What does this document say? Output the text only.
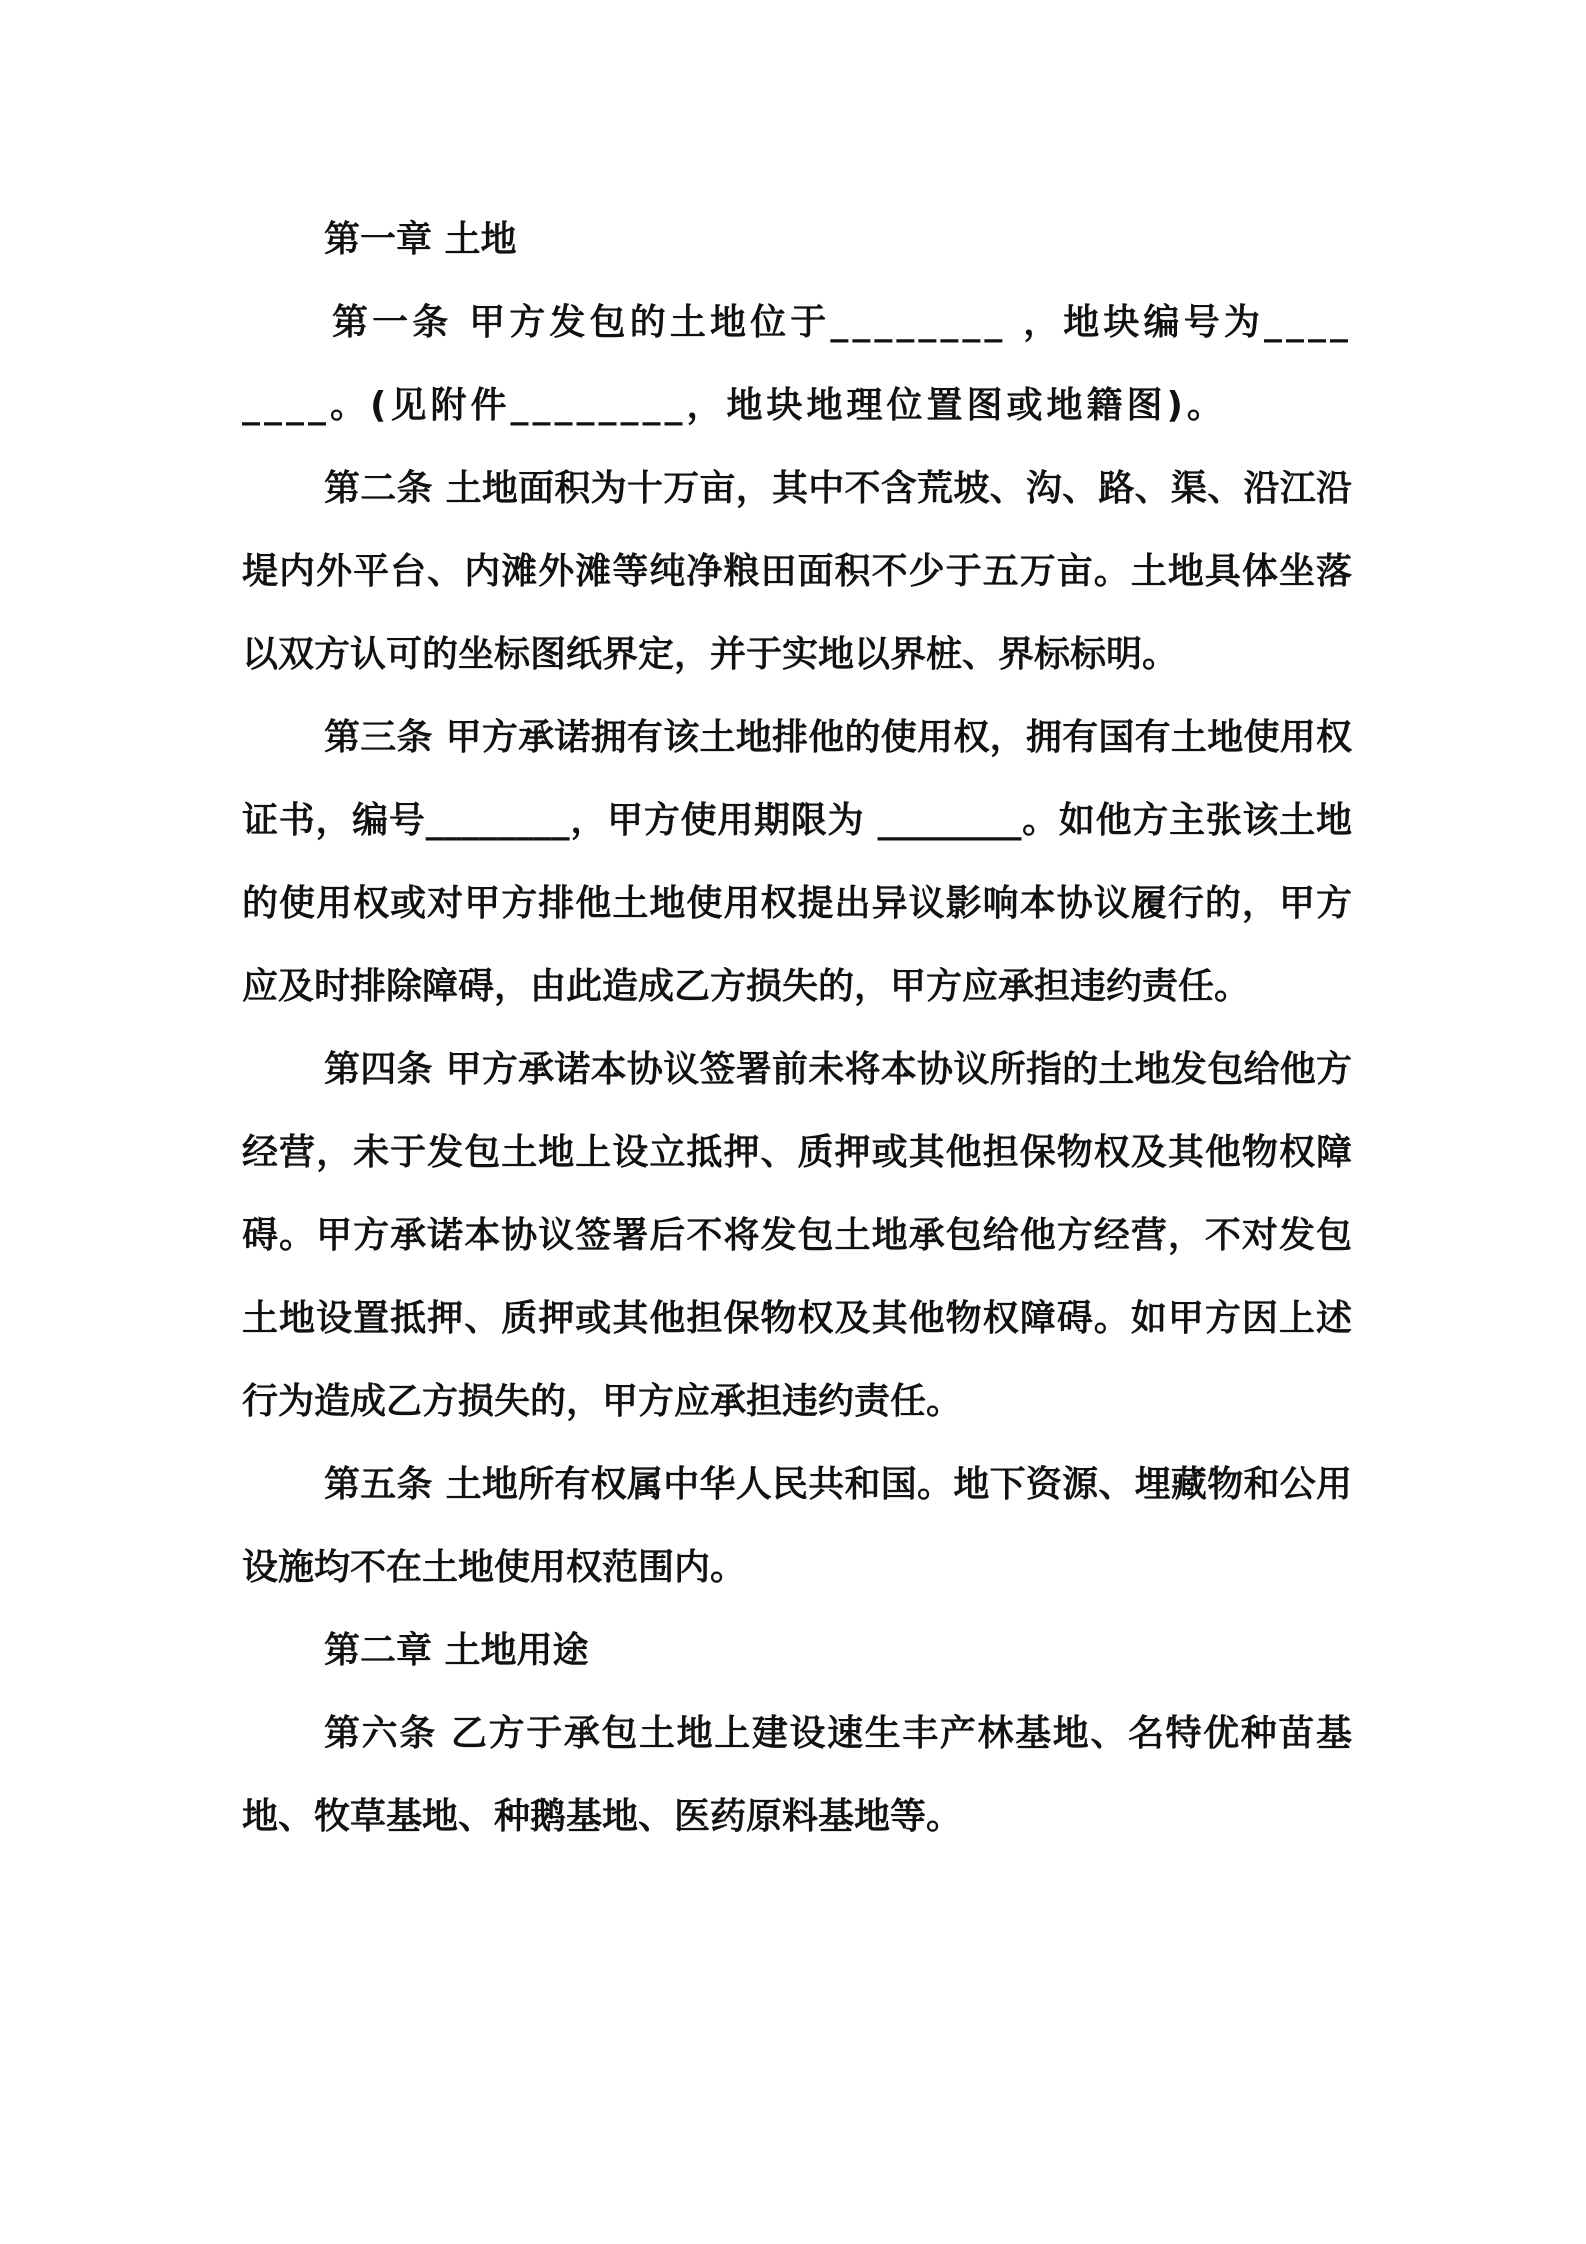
第一章 土地

第一条 甲方发包的土地位于________ ，地块编号为________。(见附件________，地块地理位置图或地籍图)。

第二条 土地面积为十万亩，其中不含荒坡、沟、路、渠、沿江沿堤内外平台、内滩外滩等纯净粮田面积不少于五万亩。土地具体坐落以双方认可的坐标图纸界定，并于实地以界桩、界标标明。

第三条 甲方承诺拥有该土地排他的使用权，拥有国有土地使用权证书，编号________，甲方使用期限为 ________。如他方主张该土地的使用权或对甲方排他土地使用权提出异议影响本协议履行的，甲方应及时排除障碍，由此造成乙方损失的，甲方应承担违约责任。

第四条 甲方承诺本协议签署前未将本协议所指的土地发包给他方经营，未于发包土地上设立抵押、质押或其他担保物权及其他物权障碍。甲方承诺本协议签署后不将发包土地承包给他方经营，不对发包土地设置抵押、质押或其他担保物权及其他物权障碍。如甲方因上述行为造成乙方损失的，甲方应承担违约责任。

第五条 土地所有权属中华人民共和国。地下资源、埋藏物和公用设施均不在土地使用权范围内。

第二章 土地用途

第六条 乙方于承包土地上建设速生丰产林基地、名特优种苗基地、牧草基地、种鹅基地、医药原料基地等。
